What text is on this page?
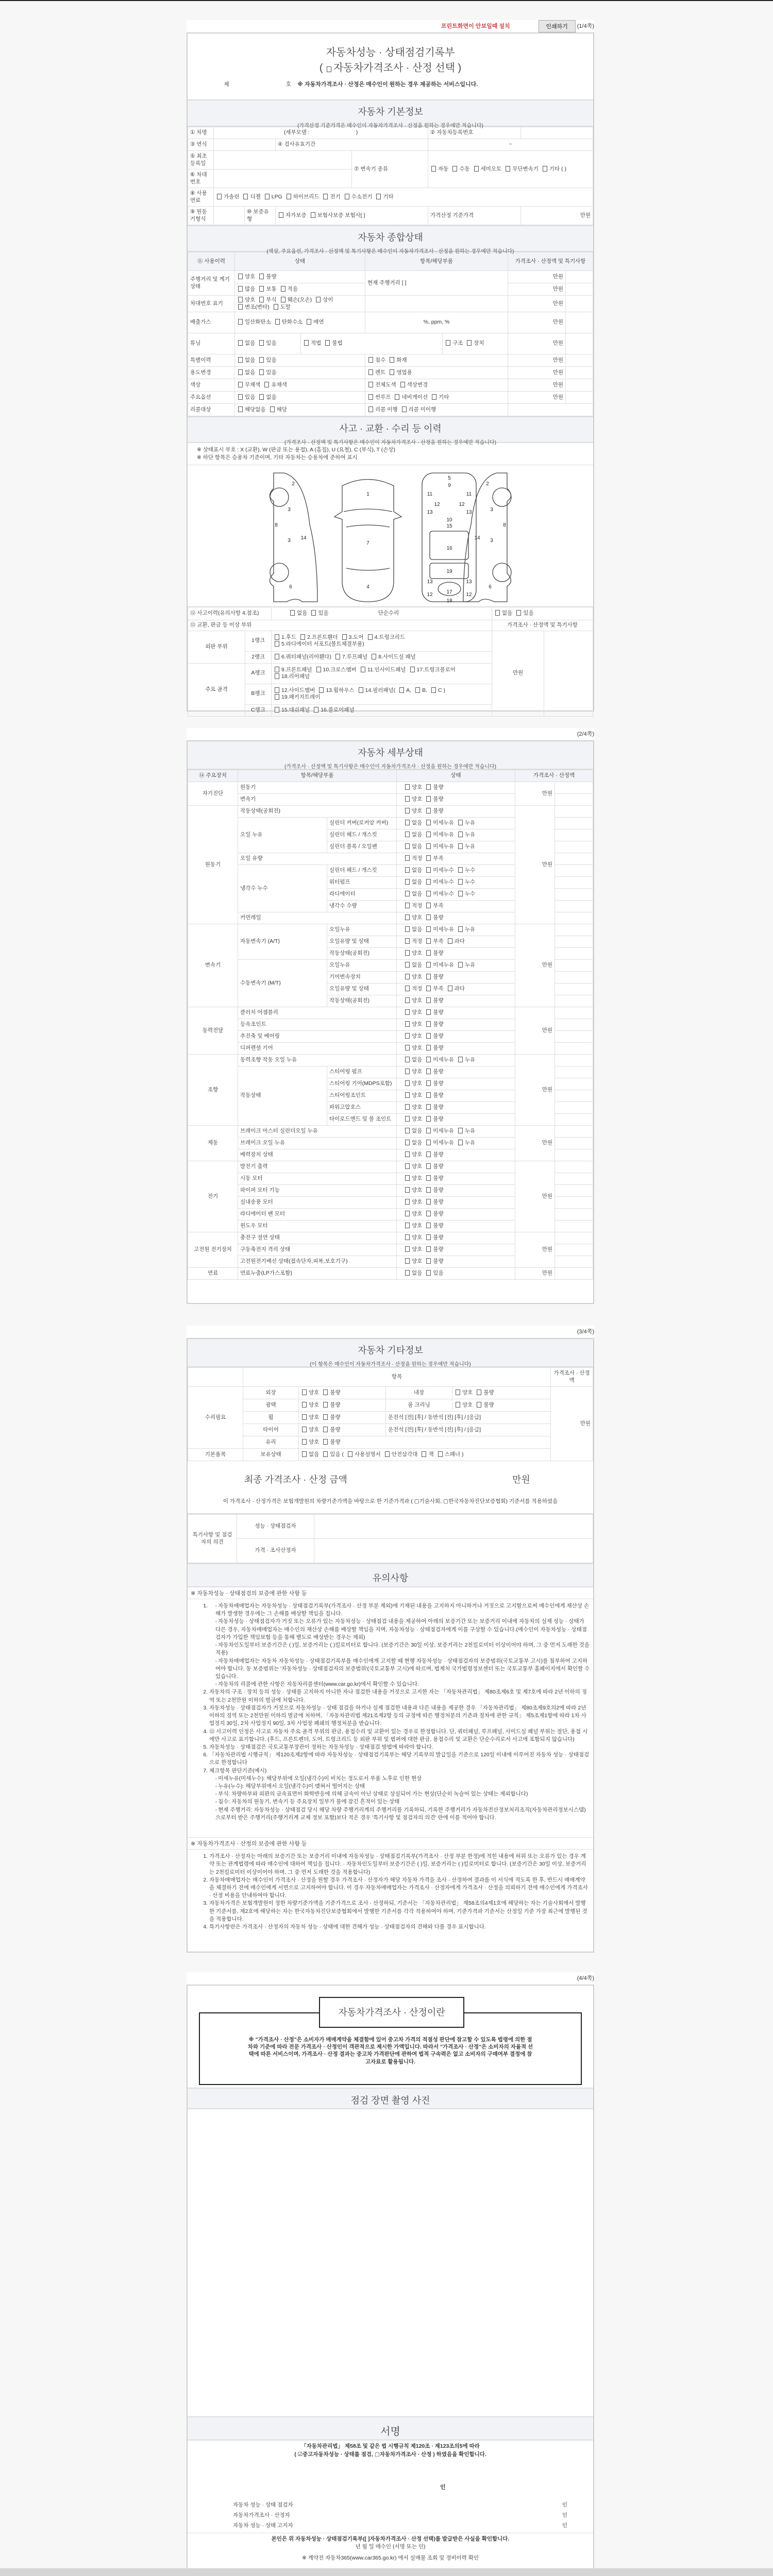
프린트화면이 안보일때 설치	인쇄하기 (1/4쪽)
자동차성능 · 상태점검기록부
( 자동차가격조사 · 산정 선택 )
제	호 ※ 자동차가격조사 · 산정은 매수인이 원하는 경우 제공하는 서비스입니다.
자동차 기본정보
(가격산정 기준가격은 매수인이 자동차가격조사 · 산정을 원하는 경우에만 적습니다)
① 차명	(세부모델 : )				② 자동차등록번호	
③ 연식			④ 검사유효기간		~	
⑤ 최초등록일				⑦ 변속기 종류	자동 수동 세미오토 무단변속기 기타 ( )	
⑥ 차대번호						
⑧ 사용연료	가솔린 디젤 LPG 하이브리드 전기 수소전기 기타					
⑨ 원동기형식		⑩ 보증유형	자가보증 보험사보증 보험사[ ]		가격산정 기준가격	만원
자동차 종합상태
(색상, 주요옵션, 가격조사 · 산정액 및 특기사항은 매수인이 자동차가격조사 · 산정을 원하는 경우에만 적습니다)
⑪ 사용이력	상태		항목/해당부품		가격조사 · 산정액 및 특기사항	
주행거리 및 계기상태	양호 불량		현재 주행거리 [ ]		만원	
	많음 보통 적음				만원	
차대번호 표기	양호 부식 훼손(오손) 상이변조(변타) 도말				만원	
배출가스	일산화탄소 탄화수소 매연		%, ppm, %		만원	
튜닝	없음 있음	적법 불법		구조 장치	만원	
특별이력	없음 있음		침수 화재		만원	
용도변경	없음 있음		렌트 영업용		만원	
색상	무채색 유채색		전체도색 색상변경		만원	
주요옵션	있음 없음		썬루프 네비게이션 기타		만원	
리콜대상	해당없음 해당		리콜 이행 리콜 미이행			
사고 · 교환 · 수리 등 이력
(가격조사 · 산정액 및 특기사항은 매수인이 자동차가격조사 · 산정을 원하는 경우에만 적습니다)
※ 상태표시 부호 : X (교환), W (판금 또는 용접), A (흠집), U (요철), C (부식), T (손상)
※ 하단 항목은 승용차 기준이며, 기타 자동차는 승용차에 준하여 표시
2
3
3
8
14
6
1
7
4
5
9
11	11
12	12
13	13
10
15
16
19
13	13
17
12	12
18
2
3
3
8
14
6
⑫ 사고이력(유의사항 4.참조)		없음 있음 단순수리	없음 있음	
⑬ 교환, 판금 등 이상 부위			가격조사 · 산정액 및 특기사항	
외판 부위	1랭크	1.후드 2.프론트휀더 3.도어 4.트렁크리드5.라디에이터 서포트(볼트체결부품)	만원	
	2랭크	6.쿼터패널(리어휀다) 7.루프패널 8.사이드실 패널		
주요 골격	A랭크	9.프론트패널 10.크로스멤버 11.인사이드패널 17.트렁크플로어18.리어패널		
	B랭크	12.사이드멤버 13.휠하우스 14.필러패널( A, B, C )19.패키지트레이		
	C랭크	15.대쉬패널 16.플로어패널		
(2/4쪽)
자동차 세부상태
(가격조사 · 산정액 및 특기사항은 매수인이 자동차가격조사 · 산정을 원하는 경우에만 적습니다)
⑭ 주요장치	항목/해당부품		상태	가격조사 · 산정액	
자기진단	원동기		양호 불량	만원	
	변속기		양호 불량		
원동기	작동상태(공회전)		양호 불량	만원	
	오일 누유	실린더 커버(로커암 커버)	없음 미세누유 누유		
		실린더 헤드 / 개스킷	없음 미세누유 누유		
		실린더 블록 / 오일팬	없음 미세누유 누유		
	오일 유량		적정 부족		
	냉각수 누수	실린더 헤드 / 개스킷	없음 미세누수 누수		
		워터펌프	없음 미세누수 누수		
		라디에이터	없음 미세누수 누수		
		냉각수 수량	적정 부족		
	커먼레일		양호 불량		
변속기	자동변속기 (A/T)	오일누유	없음 미세누유 누유	만원	
		오일유량 및 상태	적정 부족 과다		
		작동상태(공회전)	양호 불량		
	수동변속기 (M/T)	오일누유	없음 미세누유 누유		
		기어변속장치	양호 불량		
		오일유량 및 상태	적정 부족 과다		
		작동상태(공회전)	양호 불량		
동력전달	클러치 어셈블리		양호 불량	만원	
	등속조인트		양호 불량		
	추진축 및 베어링		양호 불량		
	디퍼렌셜 기어		양호 불량		
조향	동력조향 작동 오일 누유		없음 미세누유 누유	만원	
	작동상태	스티어링 펌프	양호 불량		
		스티어링 기어(MDPS포함)	양호 불량		
		스티어링조인트	양호 불량		
		파워고압호스	양호 불량		
		타이로드엔드 및 볼 조인트	양호 불량		
제동	브레이크 마스터 실린더오일 누유		없음 미세누유 누유	만원	
	브레이크 오일 누유		없음 미세누유 누유		
	배력장치 상태		양호 불량		
전기	발전기 출력		양호 불량	만원	
	시동 모터		양호 불량		
	와이퍼 모터 기능		양호 불량		
	실내송풍 모터		양호 불량		
	라디에이터 팬 모터		양호 불량		
	윈도우 모터		양호 불량		
고전원 전기장치	충전구 절연 상태		양호 불량	만원	
	구동축전지 격리 상태		양호 불량		
	고전원전기배선 상태(접속단자,피복,보호기구)		양호 불량		
연료	연료누출(LP가스포함)		없음 있음	만원	
(3/4쪽)
자동차 기타정보
(이 항목은 매수인이 자동차가격조사 · 산정을 원하는 경우에만 적습니다)
	항목				가격조사 · 산정액
수리필요	외장	양호 불량	내장	양호 불량	만원
	광택	양호 불량	룸 크리닝	양호 불량	
	휠	양호 불량	운전석 [전] [후] / 동반석 [전] [후] / [응급]		
	타이어	양호 불량	운전석 [전] [후] / 동반석 [전] [후] / [응급]		
	유리	양호 불량			
기본품목	보유상태	없음 있음 ( 사용설명서 안전삼각대 잭 스패너 )			
최종 가격조사 · 산정 금액	만원
이 가격조사 · 산정가격은 보험개발원의 차량기준가액을 바탕으로 한 기준가격과 ( ▢기술사회, ▢한국자동차진단보증협회) 기준서를 적용하였음
특기사항 및 점검자의 의견	성능 · 상태점검자	
	가격 · 조사산정자	
유의사항
※ 자동차성능 · 상태점검의 보증에 관한 사항 등
▫ 1. 자동차매매업자는 자동차성능 · 상태점검기록부(가격조사 · 산정 부분 제외)에 기재된 내용을 고지하지 아니하거나 거짓으로 고지함으로써 매수인에게 재산상 손해가 발생한 경우에는 그 손해를 배상할 책임을 집니다.
▫ 자동차성능 · 상태점검자가 거짓 또는 오류가 있는 자동차성능 · 상태점검 내용을 제공하여 아래의 보증기간 또는 보증거리 이내에 자동차의 실제 성능 · 상태가 다른 경우, 자동차매매업자는 매수인의 재산상 손해를 배상할 책임을 지며, 자동차성능 · 상태점검자에게 이를 구상할 수 있습니다.(매수인이 자동차성능 · 상태점검자가 가입한 책임보험 등을 통해 별도로 배상받는 경우는 제외)
▫ 자동차인도일부터 보증기간은 ( )일, 보증거리는 ( )킬로미터로 합니다. (보증기간은 30일 이상, 보증거리는 2천킬로미터 이상이어야 하며, 그 중 먼저 도래한 것을 적용)
▫ 자동차매매업자는 자동차 자동차성능 · 상태점검기록부를 매수인에게 고지할 때 현행 자동차성능 · 상태점검자의 보증범위(국토교통부 고시)를 첨부하여 고지하여야 합니다. 동 보증범위는 '자동차성능 · 상태점검자의 보증범위'(국토교통부 고시)에 따르며, 법제처 국가법령정보센터 또는 국토교통부 홈페이지에서 확인할 수 있습니다.
▫ 자동차의 리콜에 관한 사항은 자동차리콜센터(www.car.go.kr)에서 확인할 수 있습니다.
2. 자동차의 구조 · 장치 등의 성능 · 상태를 고지하지 아니한 자나 점검한 내용을 거짓으로 고지한 자는 「자동차관리법」 제80조제6호 및 제7호에 따라 2년 이하의 징역 또는 2천만원 이하의 벌금에 처합니다.
3. 자동차성능 · 상태점검자가 거짓으로 자동차성능 · 상태 점검을 하거나 실제 점검한 내용과 다른 내용을 제공한 경우 「자동차관리법」 제80조제9호의2에 따라 2년 이하의 징역 또는 2천만원 이하의 벌금에 처하며, 「자동차관리법 제21조제2항 등의 규정에 따른 행정처분의 기준과 절차에 관한 규칙」 제5조제1항에 따라 1차 사업정지 30일, 2차 사업정지 90일, 3차 사업장 폐쇄의 행정처분을 받습니다.
4. ⑫ 사고이력 인정은 사고로 자동차 주요 골격 부위의 판금, 용접수리 및 교환이 있는 경우로 한정합니다. 단, 쿼터패널, 루프패널, 사이드실 패널 부위는 절단, 용접 시에만 사고로 표기합니다. (후드, 프론트펜더, 도어, 트렁크리드 등 외판 부위 및 범퍼에 대한 판금, 용접수리 및 교환은 단순수리로서 사고에 포함되지 않습니다)
5. 자동차성능 · 상태점검은 국토교통부장관이 정하는 자동차성능 · 상태점검 방법에 따라야 합니다.
6. 「자동차관리법 시행규칙」 제120조제2항에 따라 자동차성능 · 상태점검기록부는 해당 기록부의 발급일을 기준으로 120일 이내에 이루어진 자동차 성능 · 상태점검으로 한정합니다
7. 체크항목 판단기준(예시)
▫ 미세누유(미세누수): 해당부위에 오일(냉각수)이 비치는 정도로서 부품 노후로 인한 현상
▫ 누유(누수): 해당부위에서 오일(냉각수)이 맺혀서 떨어지는 상태
▫ 부식: 차량하부와 외판의 금속표면이 화학반응에 의해 금속이 아닌 상태로 상실되어 가는 현상(단순히 녹슬어 있는 상태는 제외합니다)
▫ 침수: 자동차의 원동기, 변속기 등 주요장치 일부가 물에 잠긴 흔적이 있는 상태
▫ 현재 주행거리: 자동차성능 · 상태점검 당시 해당 차량 주행거리계의 주행거리를 기록하되, 기록한 주행거리가 자동차전산정보처리조직(자동차관리정보시스템)으로부터 받은 주행거리(주행거리계 교체 정보 포함)보다 적은 경우 '특기사항 및 점검자의 의견' 란에 이를 적어야 합니다.
※ 자동차가격조사 · 산정의 보증에 관한 사항 등
1. 가격조사 · 산정자는 아래의 보증기간 또는 보증거리 이내에 자동차성능 · 상태점검기록부(가격조사 · 산정 부분 한정)에 적힌 내용에 허위 또는 오류가 있는 경우 계약 또는 관계법령에 따라 매수인에 대하여 책임을 집니다. · 자동차인도일부터 보증기간은 ( )일, 보증거리는 ( )킬로미터로 합니다. (보증기간은 30일 이상, 보증거리는 2천킬로미터 이상이어야 하며, 그 중 먼저 도래한 것을 적용합니다)
2. 자동차매매업자는 매수인이 가격조사 · 산정을 원할 경우 가격조사 · 산정자가 해당 자동차 가격을 조사 · 산정하여 결과를 이 서식에 적도록 한 후, 반드시 매매계약을 체결하기 전에 매수인에게 서면으로 고지하여야 합니다. 이 경우 자동차매매업자는 가격조사 · 산정자에게 가격조사 · 산정을 의뢰하기 전에 매수인에게 가격조사 · 산정 비용을 안내하여야 합니다.
3. 자동차가격은 보험개발원이 정한 차량기준가액을 기준가격으로 조사 · 산정하되, 기준서는 「자동차관리법」 제58조의4제1호에 해당하는 자는 기술사회에서 발행한 기준서를, 제2호에 해당하는 자는 한국자동차진단보증협회에서 발행한 기준서를 각각 적용하여야 하며, 기준가격과 기준서는 산정일 기준 가장 최근에 발행된 것을 적용합니다.
4. 특기사항란은 가격조사 · 산정자의 자동차 성능 · 상태에 대한 견해가 성능 · 상태점검자의 견해와 다를 경우 표시합니다.
(4/4쪽)
자동차가격조사 · 산정이란
※ "가격조사 · 산정"은 소비자가 매매계약을 체결함에 있어 중고차 가격의 적절성 판단에 참고할 수 있도록 법령에 의한 절차와 기준에 따라 전문 가격조사 · 산정인이 객관적으로 제시한 가액입니다. 따라서 "가격조사 · 산정"은 소비자의 자율적 선택에 따른 서비스이며, 가격조사 · 산정 결과는 중고차 가격판단에 관하여 법적 구속력은 없고 소비자의 구매여부 결정에 참고자료로 활용됩니다.
점검 장면 촬영 사진
서명
「자동차관리법」 제58조 및 같은 법 시행규칙 제120조 · 제123조의5에 따라
( ☑중고자동차성능 · 상태를 점검, ▢자동차가격조사 · 산정 ) 하였음을 확인합니다.
인
자동차 성능 · 상태 점검자	인
자동차가격조사 · 산정자	인
자동차 성능 · 상태 고지자	인
본인은 위 자동차성능 · 상태점검기록부([ ]자동차가격조사 · 산정 선택)를 발급받은 사실을 확인합니다.
년 월 일 매수인 (서명 또는 인)
※ 계약전 자동차365(www.car365.go.kr) 에서 실매물 조회 및 정비이력 확인
